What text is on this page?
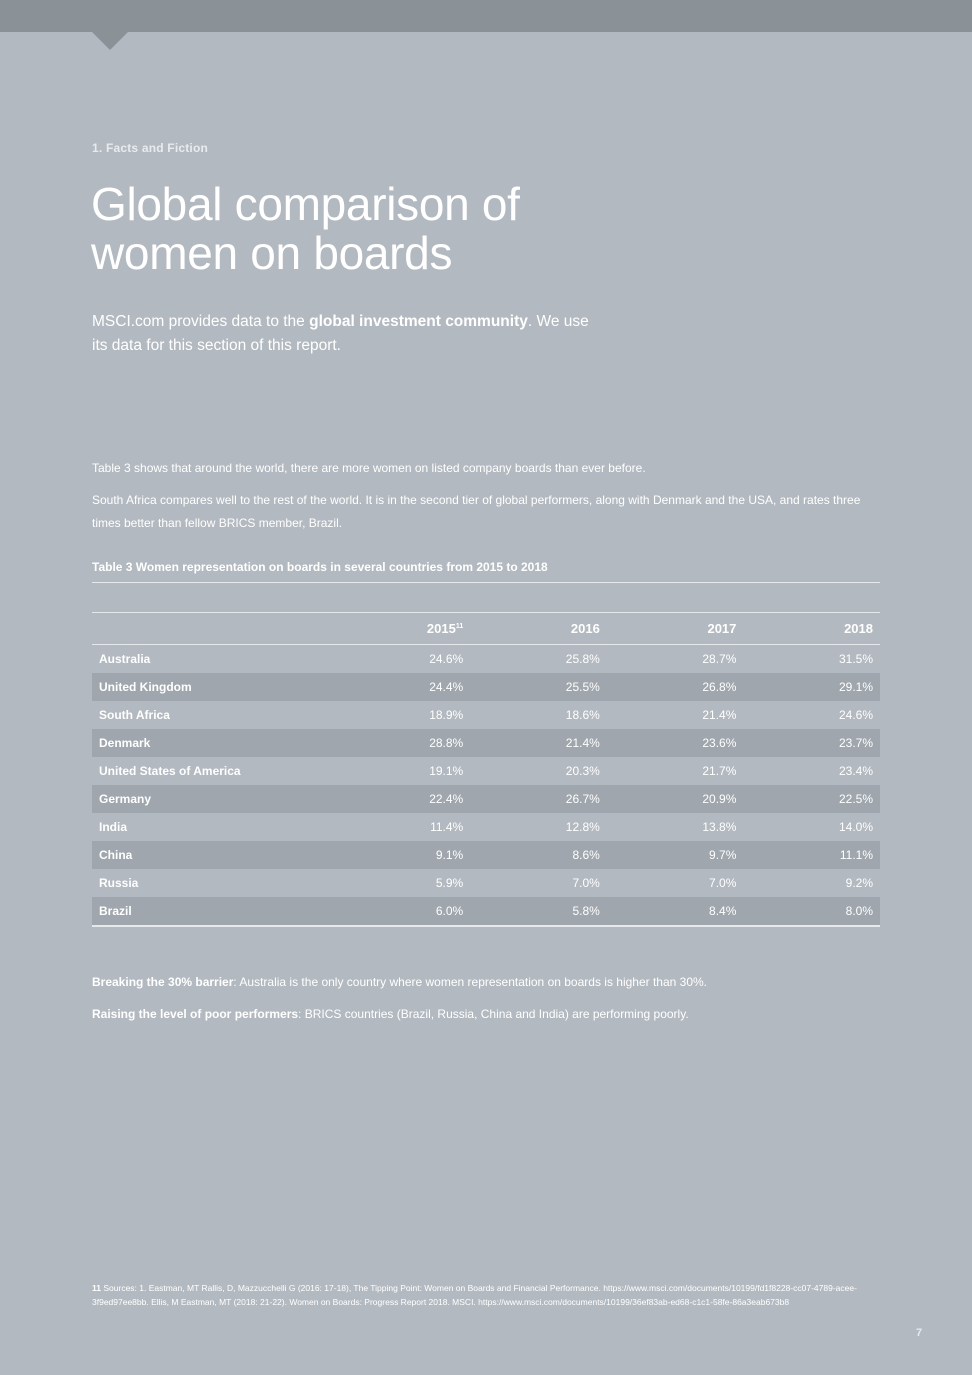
1. Facts and Fiction
Global comparison of
women on boards
MSCI.com provides data to the global investment community. We use its data for this section of this report.
Table 3 shows that around the world, there are more women on listed company boards than ever before.
South Africa compares well to the rest of the world. It is in the second tier of global performers, along with Denmark and the USA, and rates three times better than fellow BRICS member, Brazil.
Table 3 Women representation on boards in several countries from 2015 to 2018
	2015$^{11}$	2016	2017	2018
Australia	24.6%	25.8%	28.7%	31.5%
United Kingdom	24.4%	25.5%	26.8%	29.1%
South Africa	18.9%	18.6%	21.4%	24.6%
Denmark	28.8%	21.4%	23.6%	23.7%
United States of America	19.1%	20.3%	21.7%	23.4%
Germany	22.4%	26.7%	20.9%	22.5%
India	11.4%	12.8%	13.8%	14.0%
China	9.1%	8.6%	9.7%	11.1%
Russia	5.9%	7.0%	7.0%	9.2%
Brazil	6.0%	5.8%	8.4%	8.0%
Breaking the 30% barrier: Australia is the only country where women representation on boards is higher than 30%.
Raising the level of poor performers: BRICS countries (Brazil, Russia, China and India) are performing poorly.
11 Sources: 1. Eastman, MT Rallis, D, Mazzucchelli G (2016: 17-18), The Tipping Point: Women on Boards and Financial Performance. https://www.msci.com/documents/10199/fd1f8228-cc07-4789-acee-3f9ed97ee8bb. Ellis, M Eastman, MT (2018: 21-22). Women on Boards: Progress Report 2018. MSCI. https://www.msci.com/documents/10199/36ef83ab-ed68-c1c1-58fe-86a3eab673b8
7
